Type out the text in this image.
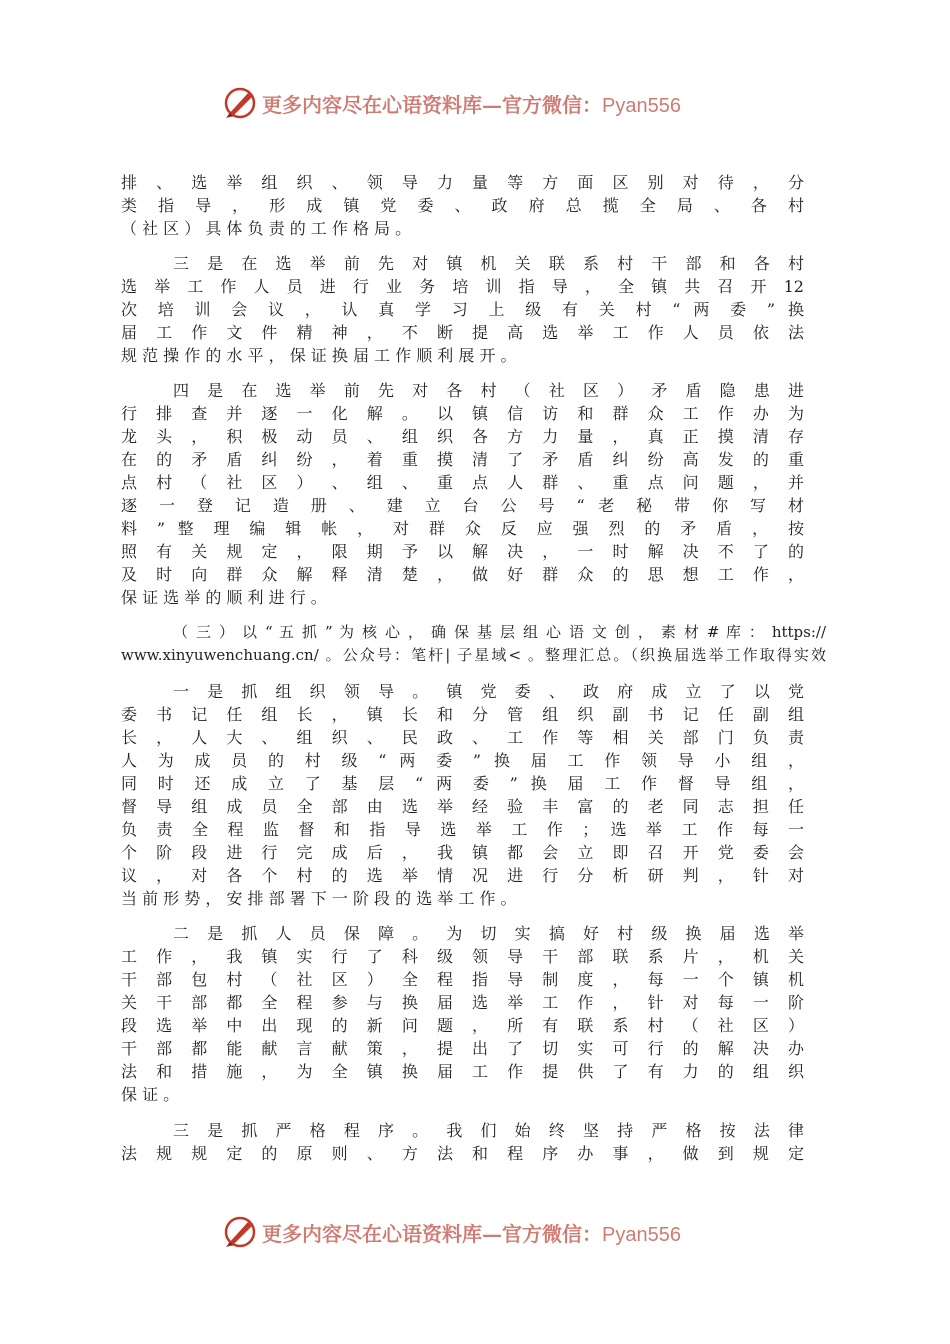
更多内容尽在心语资料库—官方微信：Pyan556
排 、 选 举 组 织 、 领 导 力 量 等 方 面 区 别 对 待 ， 分
类 指 导 ， 形 成 镇 党 委 、 政 府 总 揽 全 局 、 各 村
（ 社 区 ） 具 体 负 责 的 工 作 格 局 。
三 是 在 选 举 前 先 对 镇 机 关 联 系 村 干 部 和 各 村
选 举 工 作 人 员 进 行 业 务 培 训 指 导 ， 全 镇 共 召 开 12
次 培 训 会 议 ， 认 真 学 习 上 级 有 关 村 “ 两 委 ” 换
届 工 作 文 件 精 神 ， 不 断 提 高 选 举 工 作 人 员 依 法
规 范 操 作 的 水 平 ， 保 证 换 届 工 作 顺 利 展 开 。
四 是 在 选 举 前 先 对 各 村 （ 社 区 ） 矛 盾 隐 患 进
行 排 查 并 逐 一 化 解 。 以 镇 信 访 和 群 众 工 作 办 为
龙 头 ， 积 极 动 员 、 组 织 各 方 力 量 ， 真 正 摸 清 存
在 的 矛 盾 纠 纷 ， 着 重 摸 清 了 矛 盾 纠 纷 高 发 的 重
点 村 （ 社 区 ） 、 组 、 重 点 人 群 、 重 点 问 题 ， 并
逐 一 登 记 造 册 、 建 立 台 公 号 “ 老 秘 带 你 写 材
料 ” 整 理 编 辑 帐 ， 对 群 众 反 应 强 烈 的 矛 盾 ， 按
照 有 关 规 定 ， 限 期 予 以 解 决 ， 一 时 解 决 不 了 的
及 时 向 群 众 解 释 清 楚 ， 做 好 群 众 的 思 想 工 作 ，
保 证 选 举 的 顺 利 进 行 。
（ 三 ） 以 “ 五 抓 ” 为 核 心 ， 确 保 基 层 组 心 语 文 创 ， 素 材 # 库 ： https://
www.xinyuwenchuang.cn/ 。公众号：笔杆| 子星域< 。整理汇总。（织换届选举工作取得实效
一 是 抓 组 织 领 导 。 镇 党 委 、 政 府 成 立 了 以 党
委 书 记 任 组 长 ， 镇 长 和 分 管 组 织 副 书 记 任 副 组
长 ， 人 大 、 组 织 、 民 政 、 工 作 等 相 关 部 门 负 责
人 为 成 员 的 村 级 “ 两 委 ” 换 届 工 作 领 导 小 组 ，
同 时 还 成 立 了 基 层 “ 两 委 ” 换 届 工 作 督 导 组 ，
督 导 组 成 员 全 部 由 选 举 经 验 丰 富 的 老 同 志 担 任
负 责 全 程 监 督 和 指 导 选 举 工 作 ； 选 举 工 作 每 一
个 阶 段 进 行 完 成 后 ， 我 镇 都 会 立 即 召 开 党 委 会
议 ， 对 各 个 村 的 选 举 情 况 进 行 分 析 研 判 ， 针 对
当 前 形 势 ， 安 排 部 署 下 一 阶 段 的 选 举 工 作 。
二 是 抓 人 员 保 障 。 为 切 实 搞 好 村 级 换 届 选 举
工 作 ， 我 镇 实 行 了 科 级 领 导 干 部 联 系 片 ， 机 关
干 部 包 村 （ 社 区 ） 全 程 指 导 制 度 ， 每 一 个 镇 机
关 干 部 都 全 程 参 与 换 届 选 举 工 作 ， 针 对 每 一 阶
段 选 举 中 出 现 的 新 问 题 ， 所 有 联 系 村 （ 社 区 ）
干 部 都 能 献 言 献 策 ， 提 出 了 切 实 可 行 的 解 决 办
法 和 措 施 ， 为 全 镇 换 届 工 作 提 供 了 有 力 的 组 织
保 证 。
三 是 抓 严 格 程 序 。 我 们 始 终 坚 持 严 格 按 法 律
法 规 规 定 的 原 则 、 方 法 和 程 序 办 事 ， 做 到 规 定
更多内容尽在心语资料库—官方微信：Pyan556
